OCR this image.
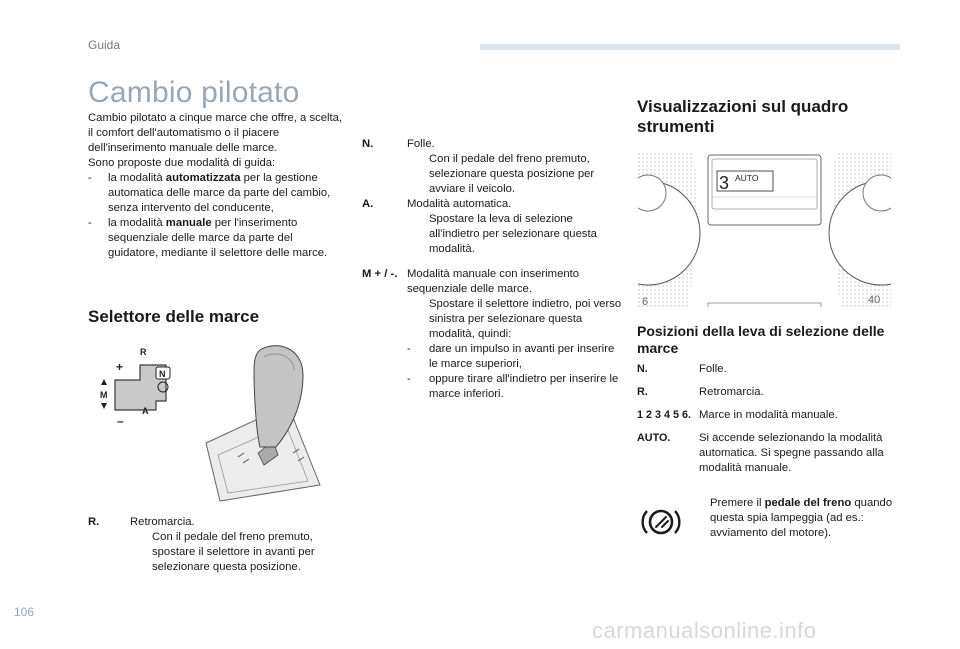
Guida
Cambio pilotato

Cambio pilotato a cinque marce che offre, a scelta, il comfort dell'automatismo o il piacere dell'inserimento manuale delle marce.

Sono proposte due modalità di guida:

- la modalità automatizzata per la gestione automatica delle marce da parte del cambio, senza intervento del conducente,
- la modalità manuale per l'inserimento sequenziale delle marce da parte del guidatore, mediante il selettore delle marce.
Selettore delle marce
R
A
M
+
–
N
R.	Retromarcia.
Con il pedale del freno premuto, spostare il selettore in avanti per selezionare questa posizione.
N.	Folle.
Con il pedale del freno premuto, selezionare questa posizione per avviare il veicolo.
A.	Modalità automatica.
Spostare la leva di selezione all'indietro per selezionare questa modalità.
M + / -. Modalità manuale con inserimento sequenziale delle marce.
Spostare il selettore indietro, poi verso sinistra per selezionare questa modalità, quindi:
- dare un impulso in avanti per inserire le marce superiori,
- oppure tirare all'indietro per inserire le marce inferiori.
Visualizzazioni sul quadro strumenti
6	40
3 AUTO
Posizioni della leva di selezione delle marce
N.	Folle.
R.	Retromarcia.
1 2 3 4 5 6. Marce in modalità manuale.
AUTO.	Si accende selezionando la modalità automatica. Si spegne passando alla modalità manuale.
Premere il pedale del freno quando questa spia lampeggia (ad es.: avviamento del motore).
106
carmanualsonline.info
